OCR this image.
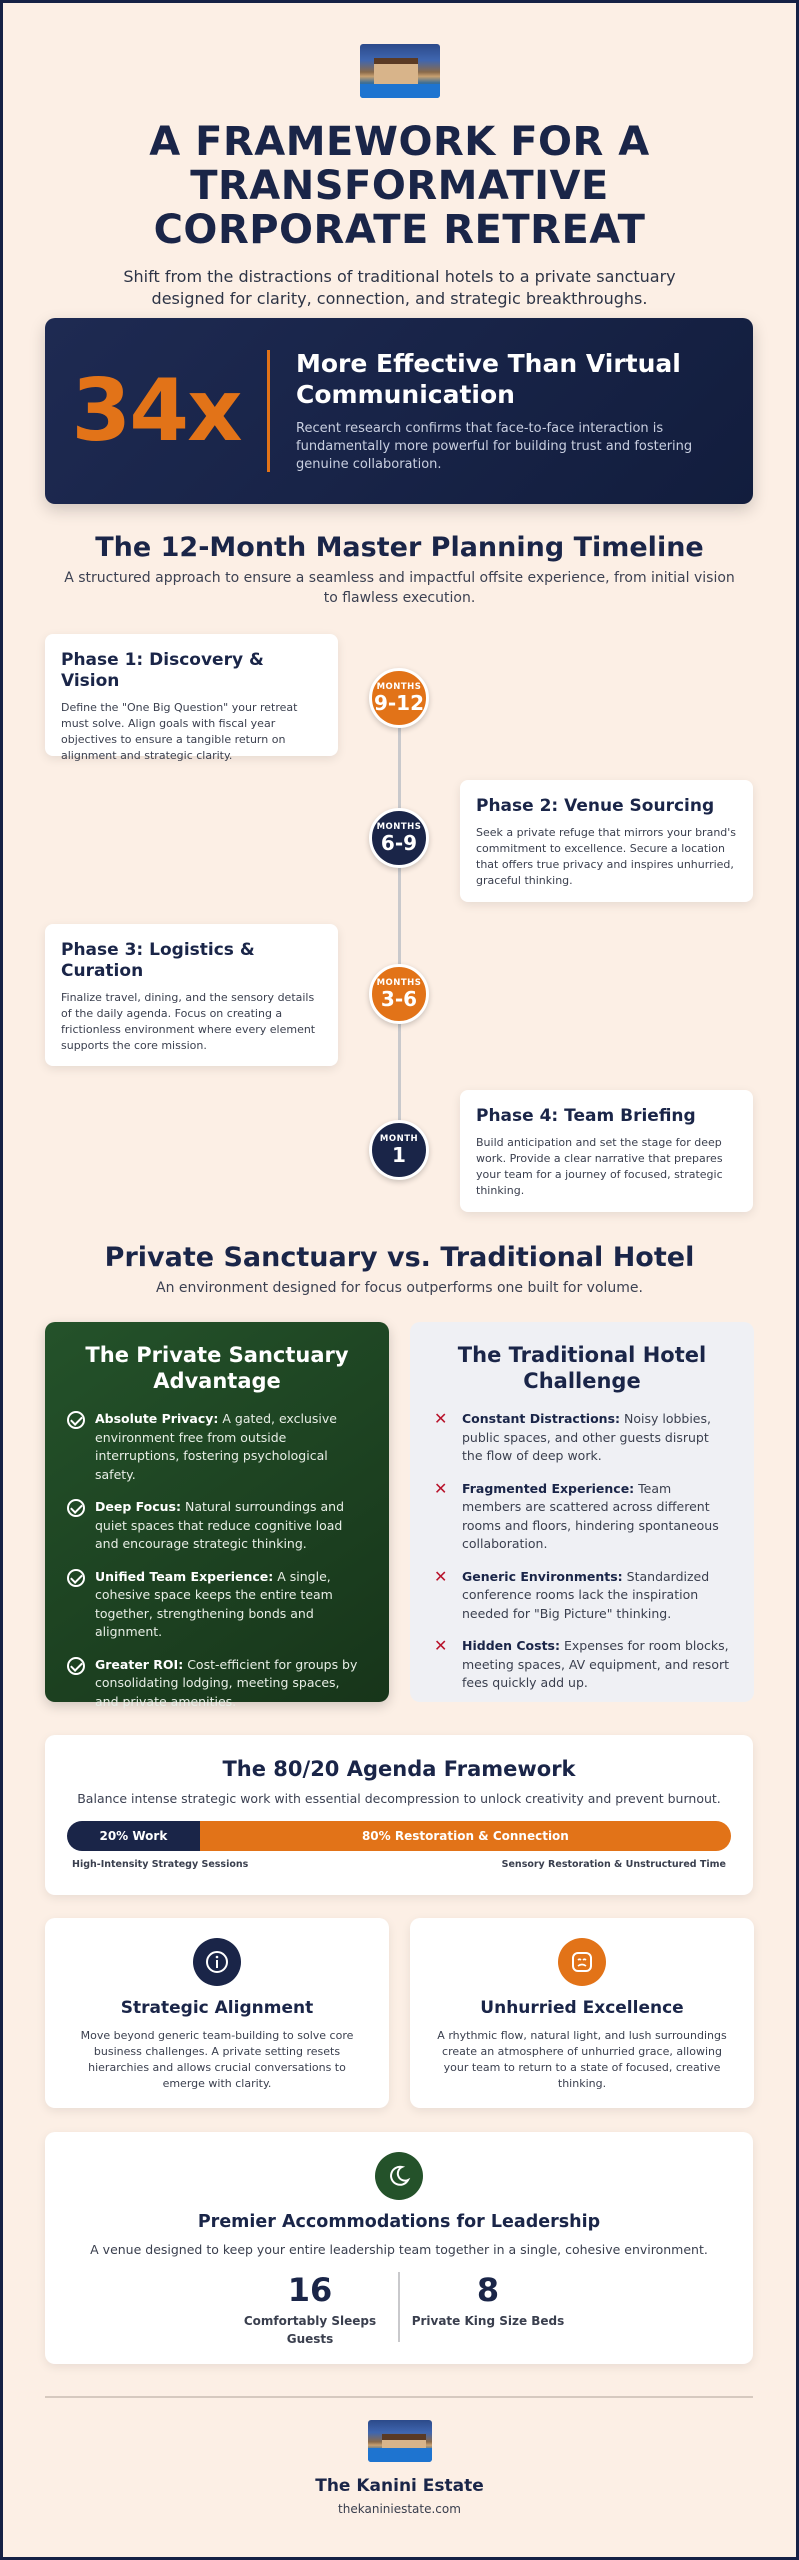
A FRAMEWORK FOR A TRANSFORMATIVE CORPORATE RETREAT

Shift from the distractions of traditional hotels to a private sanctuary designed for clarity, connection, and strategic breakthroughs.

34x	More Effective Than Virtual Communication

Recent research confirms that face-to-face interaction is fundamentally more powerful for building trust and fostering genuine collaboration.

The 12-Month Master Planning Timeline

A structured approach to ensure a seamless and impactful offsite experience, from initial vision to flawless execution.

Phase 1: Discovery & Vision

Define the "One Big Question" your retreat must solve. Align goals with fiscal year objectives to ensure a tangible return on alignment and strategic clarity.

MONTHS
9-12
Phase 2: Venue Sourcing

Seek a private refuge that mirrors your brand's commitment to excellence. Secure a location that offers true privacy and inspires unhurried, graceful thinking.

MONTHS
6-9
Phase 3: Logistics & Curation

Finalize travel, dining, and the sensory details of the daily agenda. Focus on creating a frictionless environment where every element supports the core mission.

MONTHS
3-6
Phase 4: Team Briefing

Build anticipation and set the stage for deep work. Provide a clear narrative that prepares your team for a journey of focused, strategic thinking.

MONTH
1
Private Sanctuary vs. Traditional Hotel

An environment designed for focus outperforms one built for volume.

The Private Sanctuary Advantage
Absolute Privacy: A gated, exclusive environment free from outside interruptions, fostering psychological safety.
Deep Focus: Natural surroundings and quiet spaces that reduce cognitive load and encourage strategic thinking.
Unified Team Experience: A single, cohesive space keeps the entire team together, strengthening bonds and alignment.
Greater ROI: Cost-efficient for groups by consolidating lodging, meeting spaces, and private amenities.
The Traditional Hotel Challenge
✕	Constant Distractions: Noisy lobbies, public spaces, and other guests disrupt the flow of deep work.
✕	Fragmented Experience: Team members are scattered across different rooms and floors, hindering spontaneous collaboration.
✕	Generic Environments: Standardized conference rooms lack the inspiration needed for "Big Picture" thinking.
✕	Hidden Costs: Expenses for room blocks, meeting spaces, AV equipment, and resort fees quickly add up.
The 80/20 Agenda Framework

Balance intense strategic work with essential decompression to unlock creativity and prevent burnout.

20% Work	80% Restoration & Connection
High-Intensity Strategy Sessions	Sensory Restoration & Unstructured Time
Strategic Alignment

Move beyond generic team-building to solve core business challenges. A private setting resets hierarchies and allows crucial conversations to emerge with clarity.

Unhurried Excellence

A rhythmic flow, natural light, and lush surroundings create an atmosphere of unhurried grace, allowing your team to return to a state of focused, creative thinking.

Premier Accommodations for Leadership

A venue designed to keep your entire leadership team together in a single, cohesive environment.

16
Comfortably Sleeps Guests
8
Private King Size Beds
The Kanini Estate
thekaniniestate.com
